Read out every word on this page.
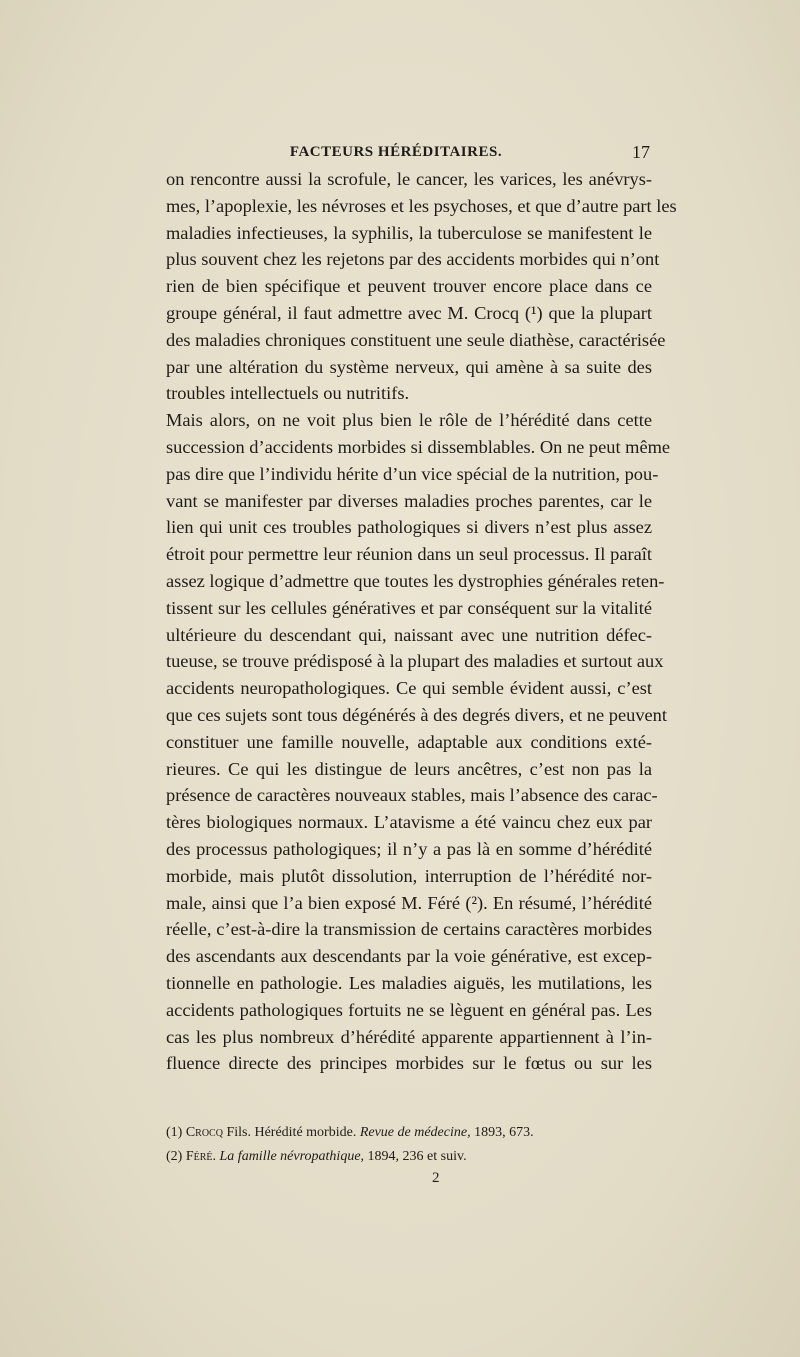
FACTEURS HÉRÉDITAIRES.	17
on rencontre aussi la scrofule, le cancer, les varices, les anévrys-
mes, l’apoplexie, les névroses et les psychoses, et que d’autre part les
maladies infectieuses, la syphilis, la tuberculose se manifestent le
plus souvent chez les rejetons par des accidents morbides qui n’ont
rien de bien spécifique et peuvent trouver encore place dans ce
groupe général, il faut admettre avec M. Crocq (¹) que la plupart
des maladies chroniques constituent une seule diathèse, caractérisée
par une altération du système nerveux, qui amène à sa suite des
troubles intellectuels ou nutritifs.
Mais alors, on ne voit plus bien le rôle de l’hérédité dans cette
succession d’accidents morbides si dissemblables. On ne peut même
pas dire que l’individu hérite d’un vice spécial de la nutrition, pou-
vant se manifester par diverses maladies proches parentes, car le
lien qui unit ces troubles pathologiques si divers n’est plus assez
étroit pour permettre leur réunion dans un seul processus. Il paraît
assez logique d’admettre que toutes les dystrophies générales reten-
tissent sur les cellules génératives et par conséquent sur la vitalité
ultérieure du descendant qui, naissant avec une nutrition défec-
tueuse, se trouve prédisposé à la plupart des maladies et surtout aux
accidents neuropathologiques. Ce qui semble évident aussi, c’est
que ces sujets sont tous dégénérés à des degrés divers, et ne peuvent
constituer une famille nouvelle, adaptable aux conditions exté-
rieures. Ce qui les distingue de leurs ancêtres, c’est non pas la
présence de caractères nouveaux stables, mais l’absence des carac-
tères biologiques normaux. L’atavisme a été vaincu chez eux par
des processus pathologiques; il n’y a pas là en somme d’hérédité
morbide, mais plutôt dissolution, interruption de l’hérédité nor-
male, ainsi que l’a bien exposé M. Féré (²). En résumé, l’hérédité
réelle, c’est-à-dire la transmission de certains caractères morbides
des ascendants aux descendants par la voie générative, est excep-
tionnelle en pathologie. Les maladies aiguës, les mutilations, les
accidents pathologiques fortuits ne se lèguent en général pas. Les
cas les plus nombreux d’hérédité apparente appartiennent à l’in-
fluence directe des principes morbides sur le fœtus ou sur les
(1) Crocq Fils. Hérédité morbide. Revue de médecine, 1893, 673.
(2) Féré. La famille névropathique, 1894, 236 et suiv.
2
